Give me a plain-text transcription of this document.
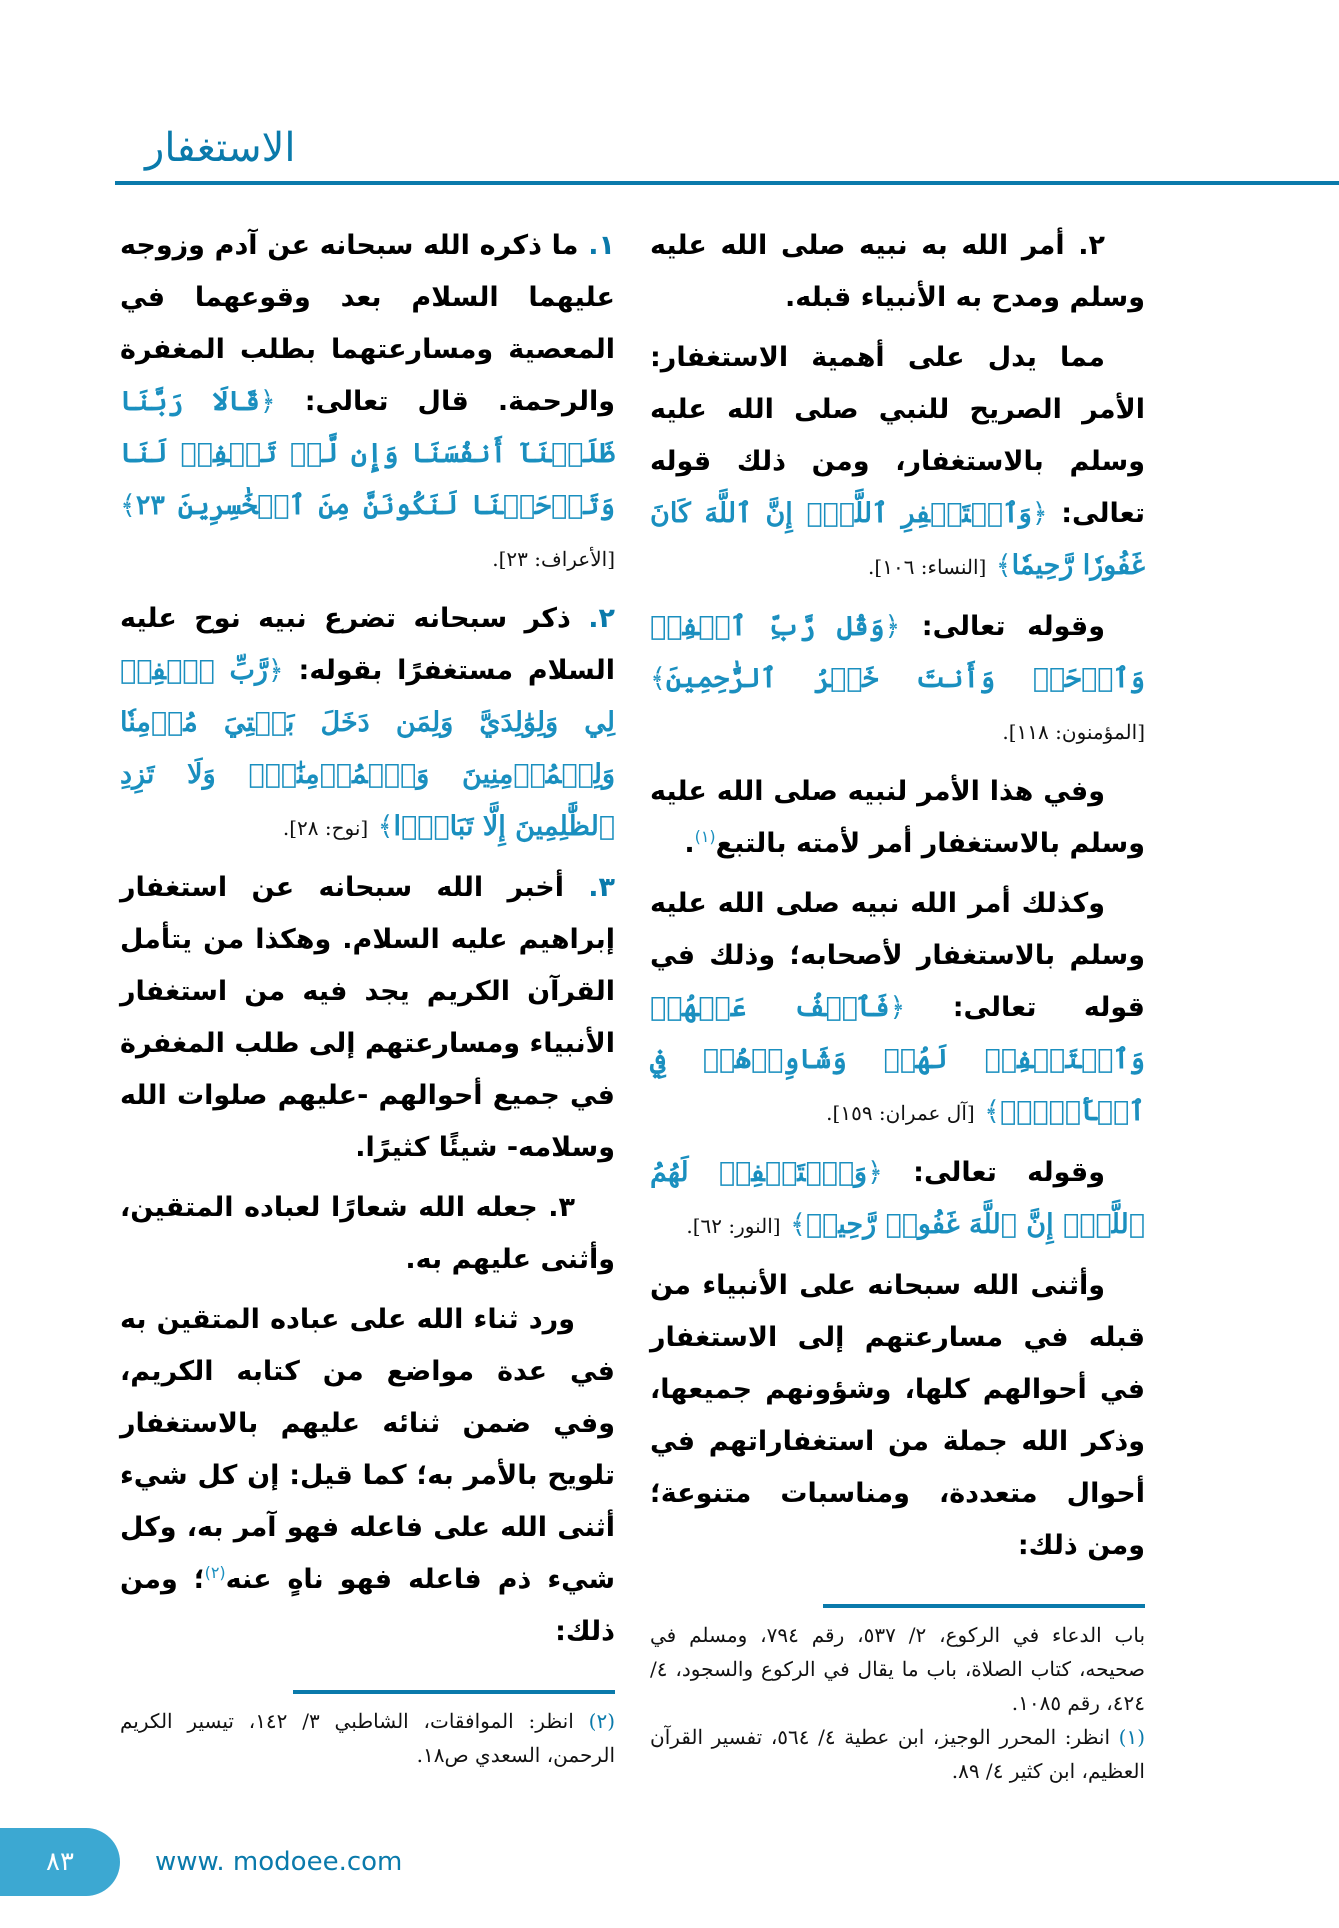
الاستغفار

٢. أمر الله به نبيه صلى الله عليه وسلم ومدح به الأنبياء قبله.

مما يدل على أهمية الاستغفار: الأمر الصريح للنبي صلى الله عليه وسلم بالاستغفار، ومن ذلك قوله تعالى: ﴿وَٱسۡتَغۡفِرِ ٱللَّهَۖ إِنَّ ٱللَّهَ كَانَ غَفُورٗا رَّحِيمٗا﴾ [النساء: ١٠٦].

وقوله تعالى: ﴿وَقُل رَّبِّ ٱغۡفِرۡ وَٱرۡحَمۡ وَأَنتَ خَيۡرُ ٱلرَّٰحِمِينَ﴾ [المؤمنون: ١١٨].

وفي هذا الأمر لنبيه صلى الله عليه وسلم بالاستغفار أمر لأمته بالتبع$^{(١)}$.

وكذلك أمر الله نبيه صلى الله عليه وسلم بالاستغفار لأصحابه؛ وذلك في قوله تعالى: ﴿فَٱعۡفُ عَنۡهُمۡ وَٱسۡتَغۡفِرۡ لَهُمۡ وَشَاوِرۡهُمۡ فِي ٱلۡأَمۡرِۖ﴾ [آل عمران: ١٥٩].

وقوله تعالى: ﴿وَٱسۡتَغۡفِرۡ لَهُمُ ٱللَّهَۚ إِنَّ ٱللَّهَ غَفُورٞ رَّحِيمٞ﴾ [النور: ٦٢].

وأثنى الله سبحانه على الأنبياء من قبله في مسارعتهم إلى الاستغفار في أحوالهم كلها، وشؤونهم جميعها، وذكر الله جملة من استغفاراتهم في أحوال متعددة، ومناسبات متنوعة؛ ومن ذلك:

باب الدعاء في الركوع، ٢/ ٥٣٧، رقم ٧٩٤، ومسلم في صحيحه، كتاب الصلاة، باب ما يقال في الركوع والسجود، ٤/ ٤٢٤، رقم ١٠٨٥.

(١) انظر: المحرر الوجيز، ابن عطية ٤/ ٥٦٤، تفسير القرآن العظيم، ابن كثير ٤/ ٨٩.

١. ما ذكره الله سبحانه عن آدم وزوجه عليهما السلام بعد وقوعهما في المعصية ومسارعتهما بطلب المغفرة والرحمة. قال تعالى: ﴿قَالَا رَبَّنَا ظَلَمۡنَآ أَنفُسَنَا وَإِن لَّمۡ تَغۡفِرۡ لَنَا وَتَرۡحَمۡنَا لَنَكُونَنَّ مِنَ ٱلۡخَٰسِرِينَ ٢٣﴾ [الأعراف: ٢٣].

٢. ذكر سبحانه تضرع نبيه نوح عليه السلام مستغفرًا بقوله: ﴿رَّبِّ ٱغۡفِرۡ لِي وَلِوَٰلِدَيَّ وَلِمَن دَخَلَ بَيۡتِيَ مُؤۡمِنٗا وَلِلۡمُؤۡمِنِينَ وَٱلۡمُؤۡمِنَٰتِۖ وَلَا تَزِدِ ٱلظَّٰلِمِينَ إِلَّا تَبَارَۢا﴾ [نوح: ٢٨].

٣. أخبر الله سبحانه عن استغفار إبراهيم عليه السلام. وهكذا من يتأمل القرآن الكريم يجد فيه من استغفار الأنبياء ومسارعتهم إلى طلب المغفرة في جميع أحوالهم -عليهم صلوات الله وسلامه- شيئًا كثيرًا.

٣. جعله الله شعارًا لعباده المتقين، وأثنى عليهم به.

ورد ثناء الله على عباده المتقين به في عدة مواضع من كتابه الكريم، وفي ضمن ثنائه عليهم بالاستغفار تلويح بالأمر به؛ كما قيل: إن كل شيء أثنى الله على فاعله فهو آمر به، وكل شيء ذم فاعله فهو ناهٍ عنه$^{(٢)}$؛ ومن ذلك:

(٢) انظر: الموافقات، الشاطبي ٣/ ١٤٢، تيسير الكريم الرحمن، السعدي ص١٨.

٨٣	www. modoee.com
